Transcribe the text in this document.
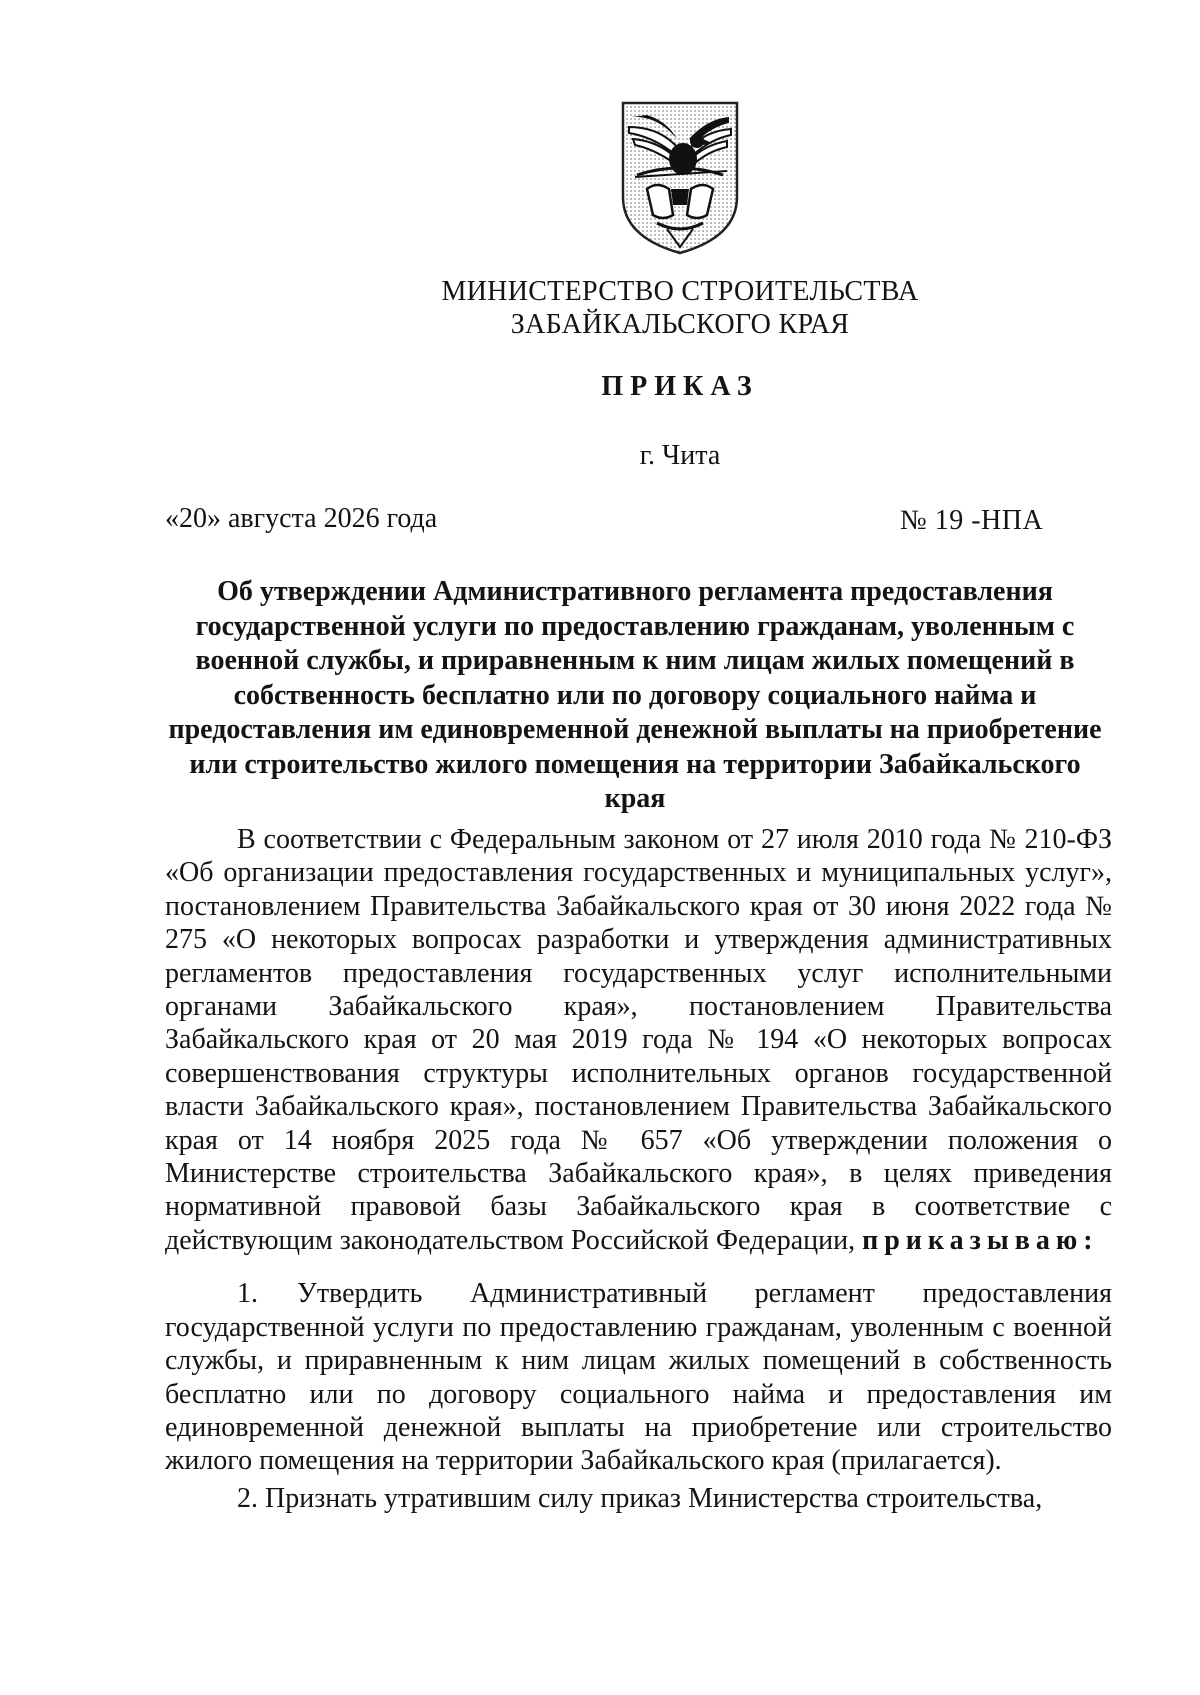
МИНИСТЕРСТВО СТРОИТЕЛЬСТВА
ЗАБАЙКАЛЬСКОГО КРАЯ
ПРИКАЗ
г. Чита
«20» августа 2026 года	№ 19 -НПА
Об утверждении Административного регламента предоставления государственной услуги по предоставлению гражданам, уволенным с военной службы, и приравненным к ним лицам жилых помещений в собственность бесплатно или по договору социального найма и предоставления им единовременной денежной выплаты на приобретение или строительство жилого помещения на территории Забайкальского края

В соответствии с Федеральным законом от 27 июля 2010 года № 210-ФЗ «Об организации предоставления государственных и муниципальных услуг», постановлением Правительства Забайкальского края от 30 июня 2022 года № 275 «О некоторых вопросах разработки и утверждения административных регламентов предоставления государственных услуг исполнительными органами Забайкальского края», постановлением Правительства Забайкальского края от 20 мая 2019 года № 194 «О некоторых вопросах совершенствования структуры исполнительных органов государственной власти Забайкальского края», постановлением Правительства Забайкальского края от 14 ноября 2025 года № 657 «Об утверждении положения о Министерстве строительства Забайкальского края», в целях приведения нормативной правовой базы Забайкальского края в соответствие с действующим законодательством Российской Федерации, приказываю:

1. Утвердить Административный регламент предоставления государственной услуги по предоставлению гражданам, уволенным с военной службы, и приравненным к ним лицам жилых помещений в собственность бесплатно или по договору социального найма и предоставления им единовременной денежной выплаты на приобретение или строительство жилого помещения на территории Забайкальского края (прилагается).

2. Признать утратившим силу приказ Министерства строительства,
